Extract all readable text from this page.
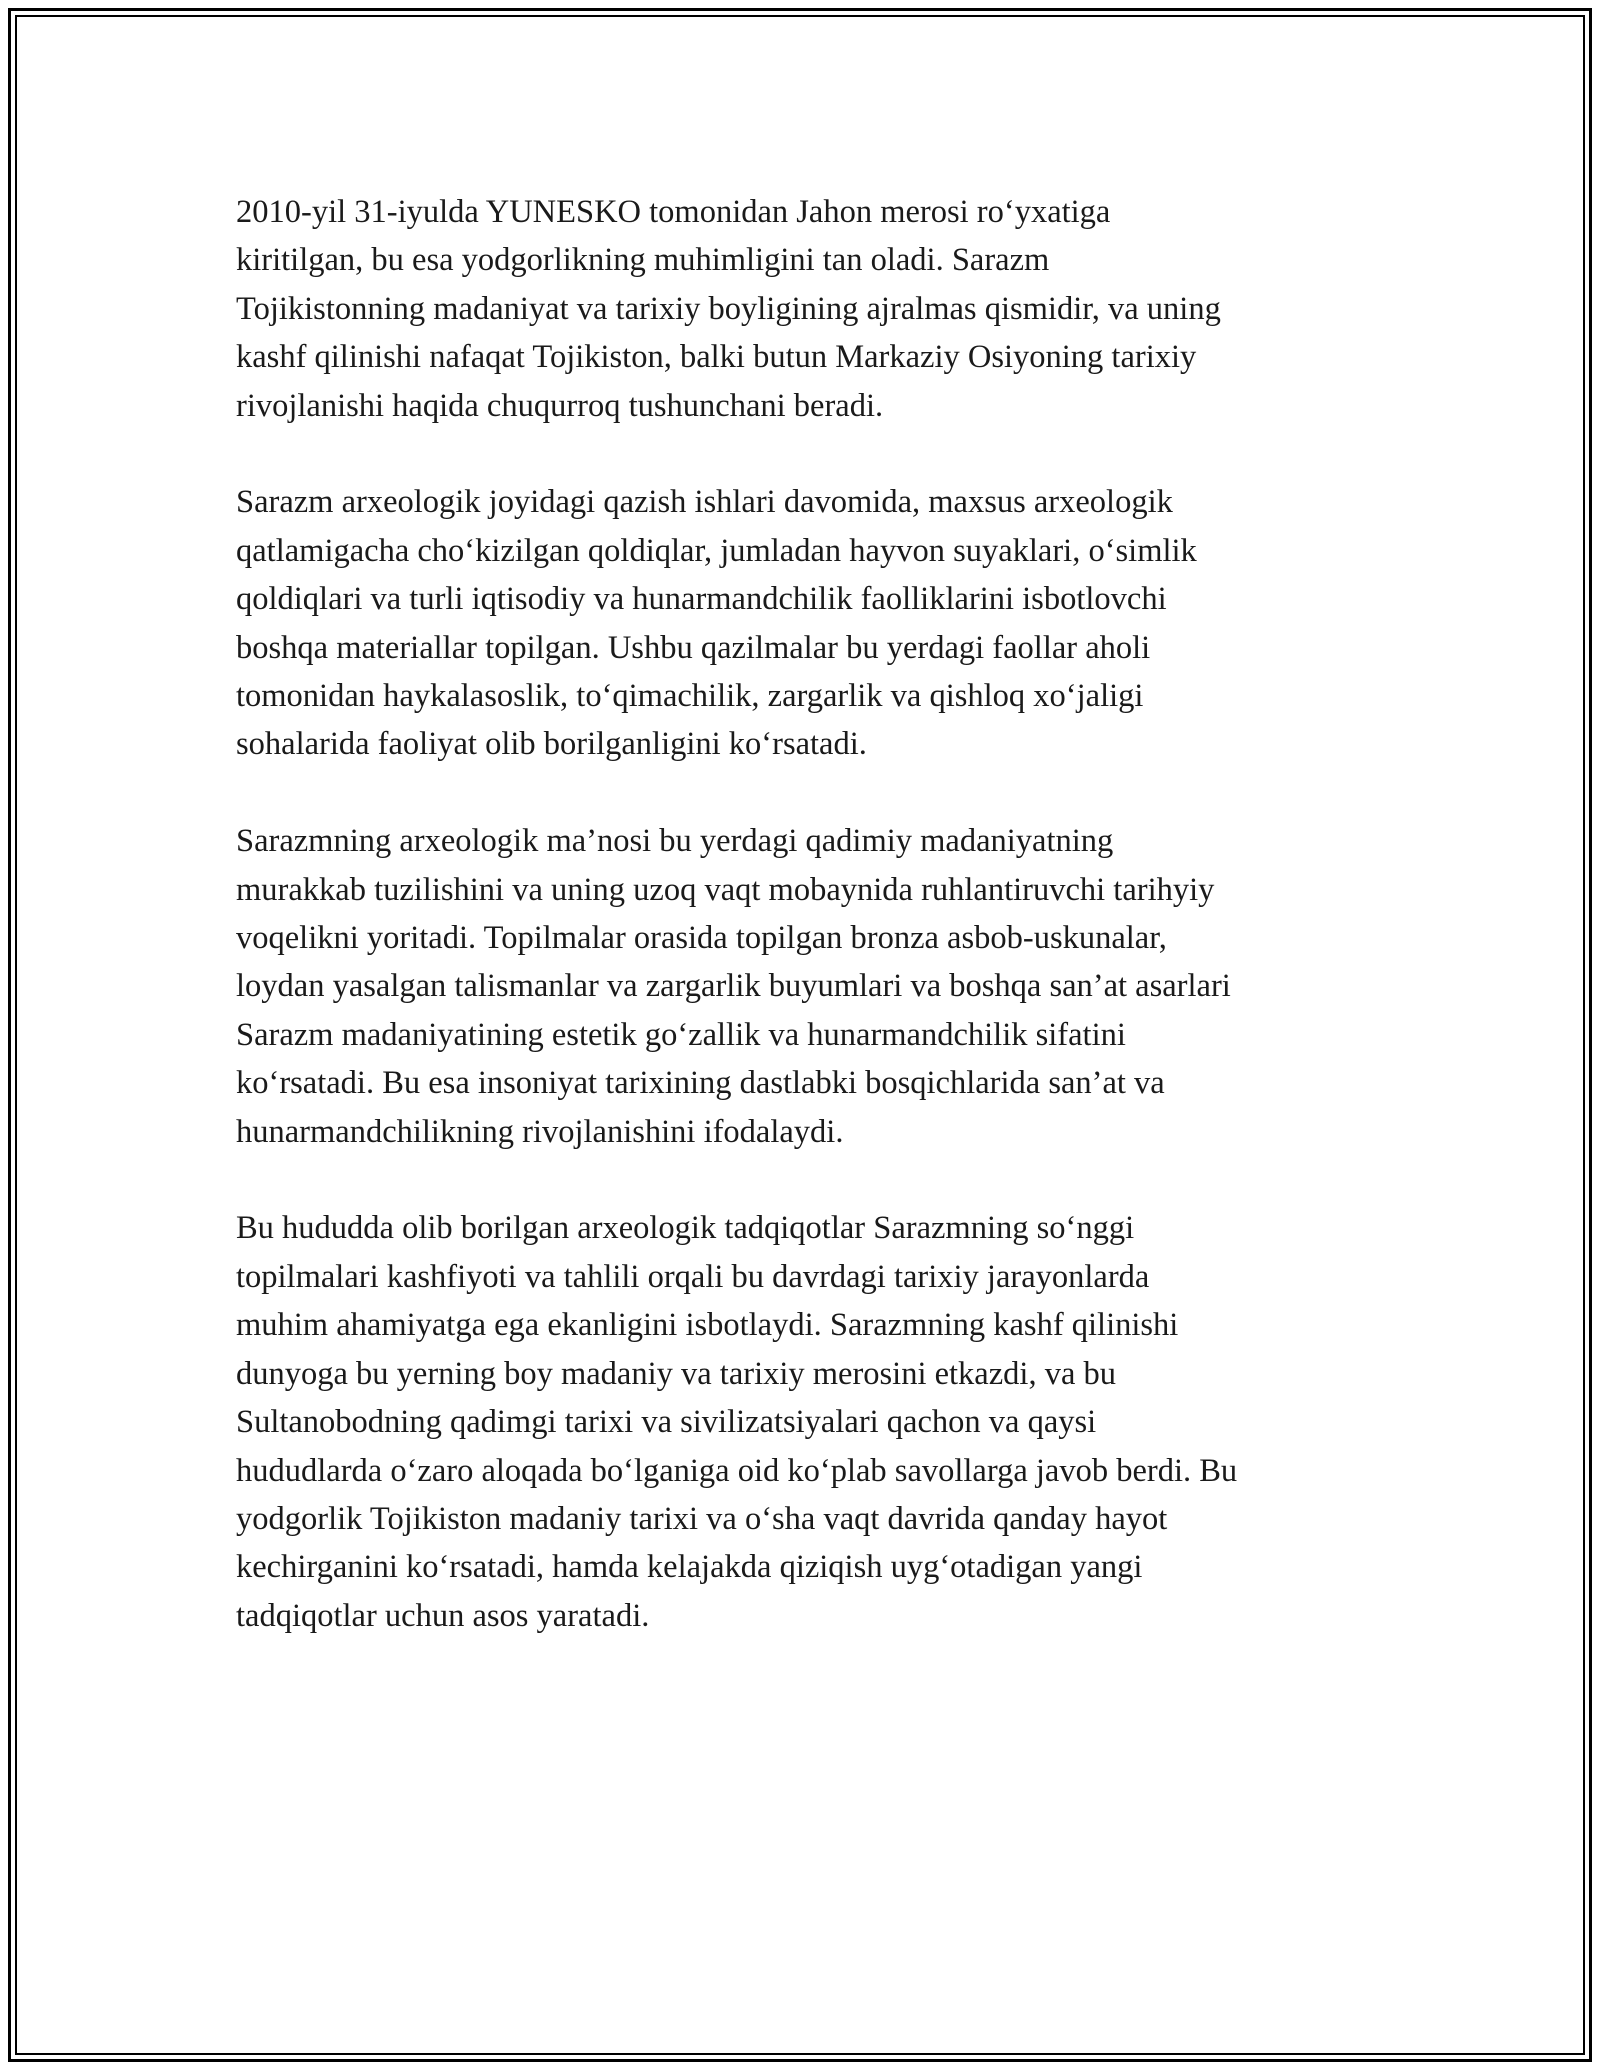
2010-yil 31-iyulda YUNESKO tomonidan Jahon merosi ro‘yxatiga
kiritilgan, bu esa yodgorlikning muhimligini tan oladi. Sarazm
Tojikistonning madaniyat va tarixiy boyligining ajralmas qismidir, va uning
kashf qilinishi nafaqat Tojikiston, balki butun Markaziy Osiyoning tarixiy
rivojlanishi haqida chuqurroq tushunchani beradi.

Sarazm arxeologik joyidagi qazish ishlari davomida, maxsus arxeologik
qatlamigacha cho‘kizilgan qoldiqlar, jumladan hayvon suyaklari, o‘simlik
qoldiqlari va turli iqtisodiy va hunarmandchilik faolliklarini isbotlovchi
boshqa materiallar topilgan. Ushbu qazilmalar bu yerdagi faollar aholi
tomonidan haykalasoslik, to‘qimachilik, zargarlik va qishloq xo‘jaligi
sohalarida faoliyat olib borilganligini ko‘rsatadi.

Sarazmning arxeologik ma’nosi bu yerdagi qadimiy madaniyatning
murakkab tuzilishini va uning uzoq vaqt mobaynida ruhlantiruvchi tarihyiy
voqelikni yoritadi. Topilmalar orasida topilgan bronza asbob-uskunalar,
loydan yasalgan talismanlar va zargarlik buyumlari va boshqa san’at asarlari
Sarazm madaniyatining estetik go‘zallik va hunarmandchilik sifatini
ko‘rsatadi. Bu esa insoniyat tarixining dastlabki bosqichlarida san’at va
hunarmandchilikning rivojlanishini ifodalaydi.

Bu hududda olib borilgan arxeologik tadqiqotlar Sarazmning so‘nggi
topilmalari kashfiyoti va tahlili orqali bu davrdagi tarixiy jarayonlarda
muhim ahamiyatga ega ekanligini isbotlaydi. Sarazmning kashf qilinishi
dunyoga bu yerning boy madaniy va tarixiy merosini etkazdi, va bu
Sultanobodning qadimgi tarixi va sivilizatsiyalari qachon va qaysi
hududlarda o‘zaro aloqada bo‘lganiga oid ko‘plab savollarga javob berdi. Bu
yodgorlik Tojikiston madaniy tarixi va o‘sha vaqt davrida qanday hayot
kechirganini ko‘rsatadi, hamda kelajakda qiziqish uyg‘otadigan yangi
tadqiqotlar uchun asos yaratadi.
